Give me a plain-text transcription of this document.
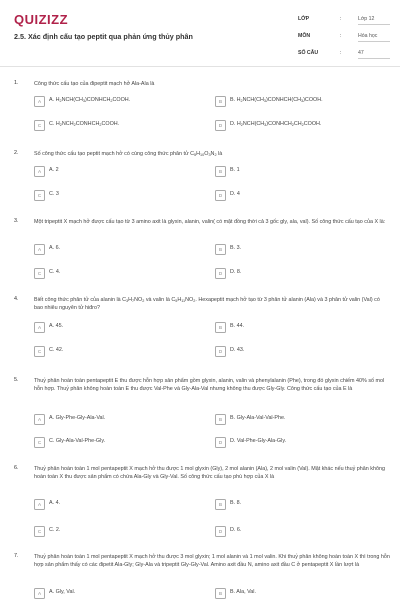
QUIZIZZ
2.5. Xác định cấu tạo peptit qua phản ứng thủy phân
LỚP	:	Lớp 12
MÔN	:	Hóa học
SỐ CÂU	:	47
1.	Công thức cấu tạo của đipeptit mạch hở Ala-Ala là
A	A. $H_2NCH(CH_3)CONHCH_2COOH$.	B	B. $H_2NCH(CH_3)CONHCH(CH_3)COOH$.
C	C. $H_2NCH_2CONHCH_2COOH$.	D	D. $H_2NCH(CH_3)CONHCH_2CH_2COOH$.
2.	Số công thức cấu tạo peptit mạch hở có cùng công thức phân tử $C_5H_{10}O_3N_2$ là
A	A. 2	B	B. 1
C	C. 3	D	D. 4
3.	Một tripeptit X mạch hở được cấu tạo từ 3 amino axit là glyxin, alanin, valin( có mặt đồng thời cả 3 gốc gly, ala, val). Số công thức cấu tạo của X là:
A	A. 6.	B	B. 3.
C	C. 4.	D	D. 8.
4.	Biết công thức phân tử của alanin là $C_3H_7NO_2$ và valin là $C_5H_{11}NO_2$. Hexapeptit mạch hở tạo từ 3 phân tử alanin (Ala) và 3 phân tử valin (Val) có bao nhiêu nguyên tử hiđro?
A	A. 45.	B	B. 44.
C	C. 42.	D	D. 43.
5.	Thuỷ phân hoàn toàn pentapeptit E thu được hỗn hợp sản phẩm gồm glyxin, alanin, valin và phenylalanin (Phe), trong đó glyxin chiếm 40% số mol hỗn hợp. Thuỷ phân không hoàn toàn E thu được Val-Phe và Gly-Ala-Val nhưng không thu được Gly-Gly. Công thức cấu tạo của E là
A	A. Gly-Phe-Gly-Ala-Val.	B	B. Gly-Ala-Val-Val-Phe.
C	C. Gly-Ala-Val-Phe-Gly.	D	D. Val-Phe-Gly-Ala-Gly.
6.	Thuỷ phân hoàn toàn 1 mol pentapeptit X mạch hở thu được 1 mol glyxin (Gly), 2 mol alanin (Ala), 2 mol valin (Val). Mặt khác nếu thuỷ phân không hoàn toàn X thu được sản phẩm có chứa Ala-Gly và Gly-Val. Số công thức cấu tạo phù hợp của X là
A	A. 4.	B	B. 8.
C	C. 2.	D	D. 6.
7.	Thuỷ phân hoàn toàn 1 mol pentapeptit X mạch hở thu được 3 mol glyxin; 1 mol alanin và 1 mol valin. Khi thuỷ phân không hoàn toàn X thì trong hỗn hợp sản phẩm thấy có các đipetit Ala-Gly; Gly-Ala và tripeptit Gly-Gly-Val. Amino axit đầu N, amino axit đầu C ở pentapeptit X lần lượt là
A	A. Gly, Val.	B	B. Ala, Val.
